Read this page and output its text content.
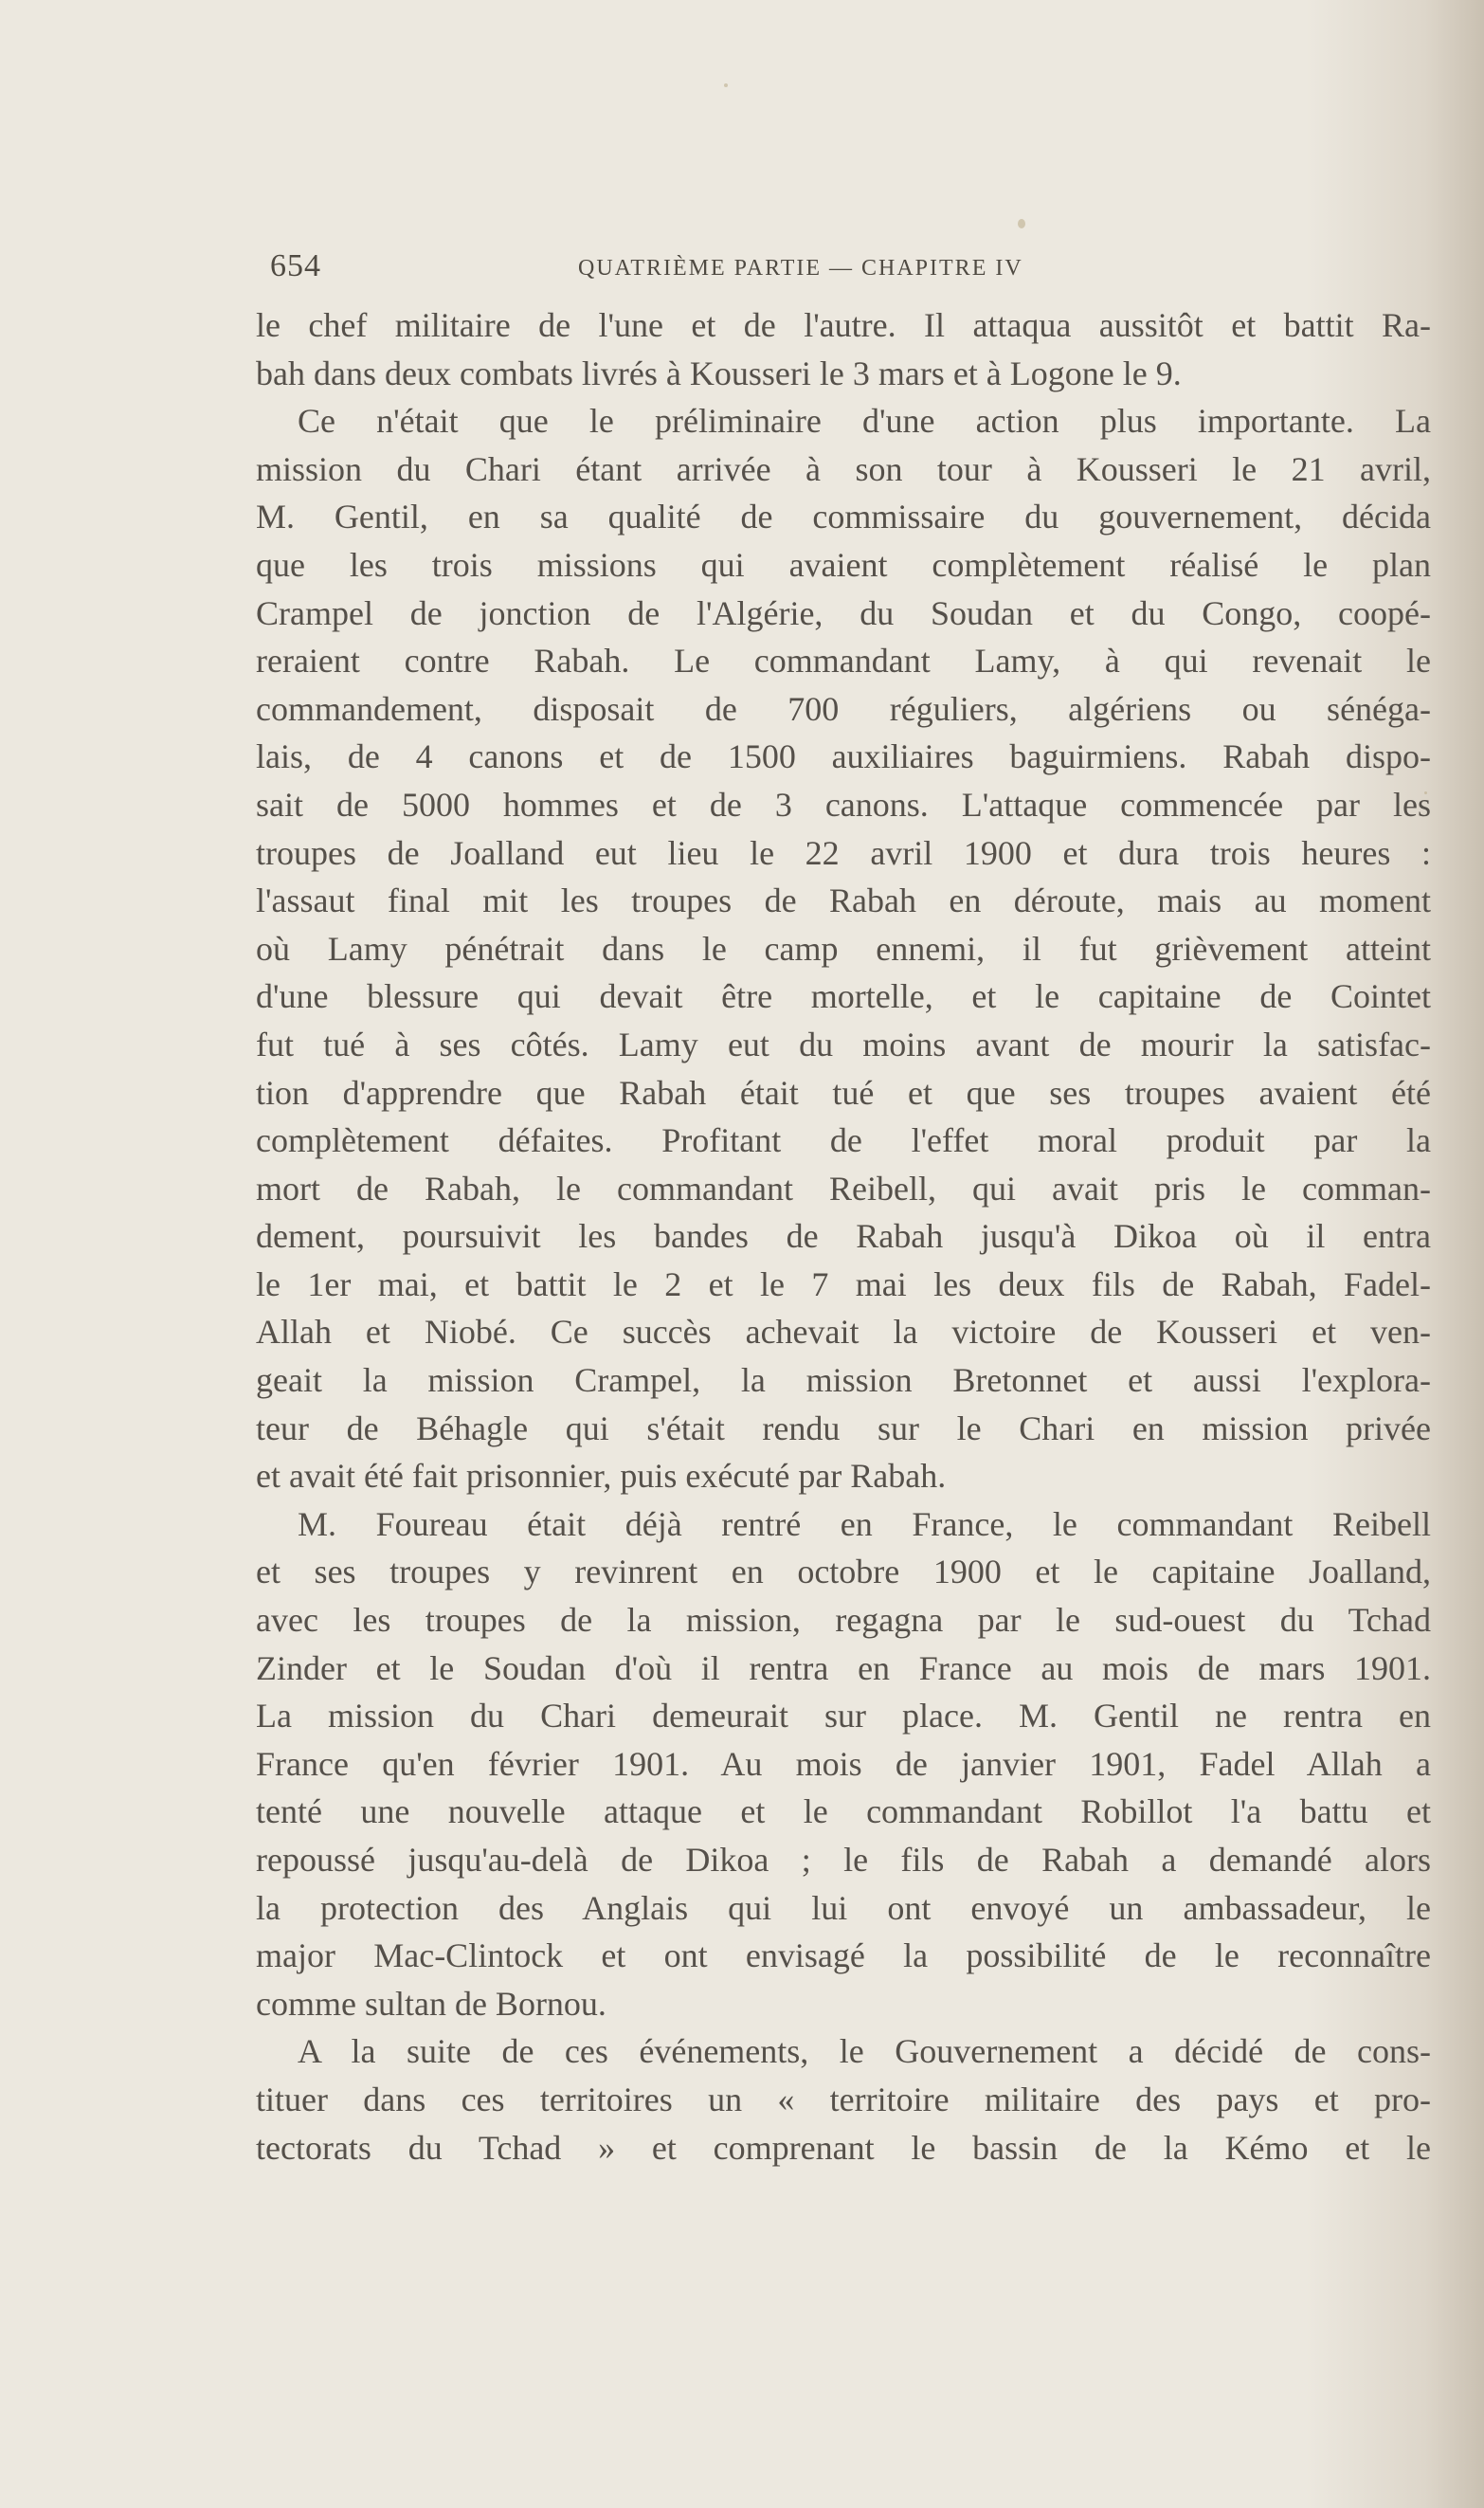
654	QUATRIÈME PARTIE — CHAPITRE IV

le chef militaire de l'une et de l'autre. Il attaqua aussitôt et battit Ra-

bah dans deux combats livrés à Kousseri le 3 mars et à Logone le 9.

Ce n'était que le préliminaire d'une action plus importante. La

mission du Chari étant arrivée à son tour à Kousseri le 21 avril,

M. Gentil, en sa qualité de commissaire du gouvernement, décida

que les trois missions qui avaient complètement réalisé le plan

Crampel de jonction de l'Algérie, du Soudan et du Congo, coopé-

reraient contre Rabah. Le commandant Lamy, à qui revenait le

commandement, disposait de 700 réguliers, algériens ou sénéga-

lais, de 4 canons et de 1500 auxiliaires baguirmiens. Rabah dispo-

sait de 5000 hommes et de 3 canons. L'attaque commencée par les

troupes de Joalland eut lieu le 22 avril 1900 et dura trois heures :

l'assaut final mit les troupes de Rabah en déroute, mais au moment

où Lamy pénétrait dans le camp ennemi, il fut grièvement atteint

d'une blessure qui devait être mortelle, et le capitaine de Cointet

fut tué à ses côtés. Lamy eut du moins avant de mourir la satisfac-

tion d'apprendre que Rabah était tué et que ses troupes avaient été

complètement défaites. Profitant de l'effet moral produit par la

mort de Rabah, le commandant Reibell, qui avait pris le comman-

dement, poursuivit les bandes de Rabah jusqu'à Dikoa où il entra

le 1er mai, et battit le 2 et le 7 mai les deux fils de Rabah, Fadel-

Allah et Niobé. Ce succès achevait la victoire de Kousseri et ven-

geait la mission Crampel, la mission Bretonnet et aussi l'explora-

teur de Béhagle qui s'était rendu sur le Chari en mission privée

et avait été fait prisonnier, puis exécuté par Rabah.

M. Foureau était déjà rentré en France, le commandant Reibell

et ses troupes y revinrent en octobre 1900 et le capitaine Joalland,

avec les troupes de la mission, regagna par le sud-ouest du Tchad

Zinder et le Soudan d'où il rentra en France au mois de mars 1901.

La mission du Chari demeurait sur place. M. Gentil ne rentra en

France qu'en février 1901. Au mois de janvier 1901, Fadel Allah a

tenté une nouvelle attaque et le commandant Robillot l'a battu et

repoussé jusqu'au-delà de Dikoa ; le fils de Rabah a demandé alors

la protection des Anglais qui lui ont envoyé un ambassadeur, le

major Mac-Clintock et ont envisagé la possibilité de le reconnaître

comme sultan de Bornou.

A la suite de ces événements, le Gouvernement a décidé de cons-

tituer dans ces territoires un « territoire militaire des pays et pro-

tectorats du Tchad » et comprenant le bassin de la Kémo et le
